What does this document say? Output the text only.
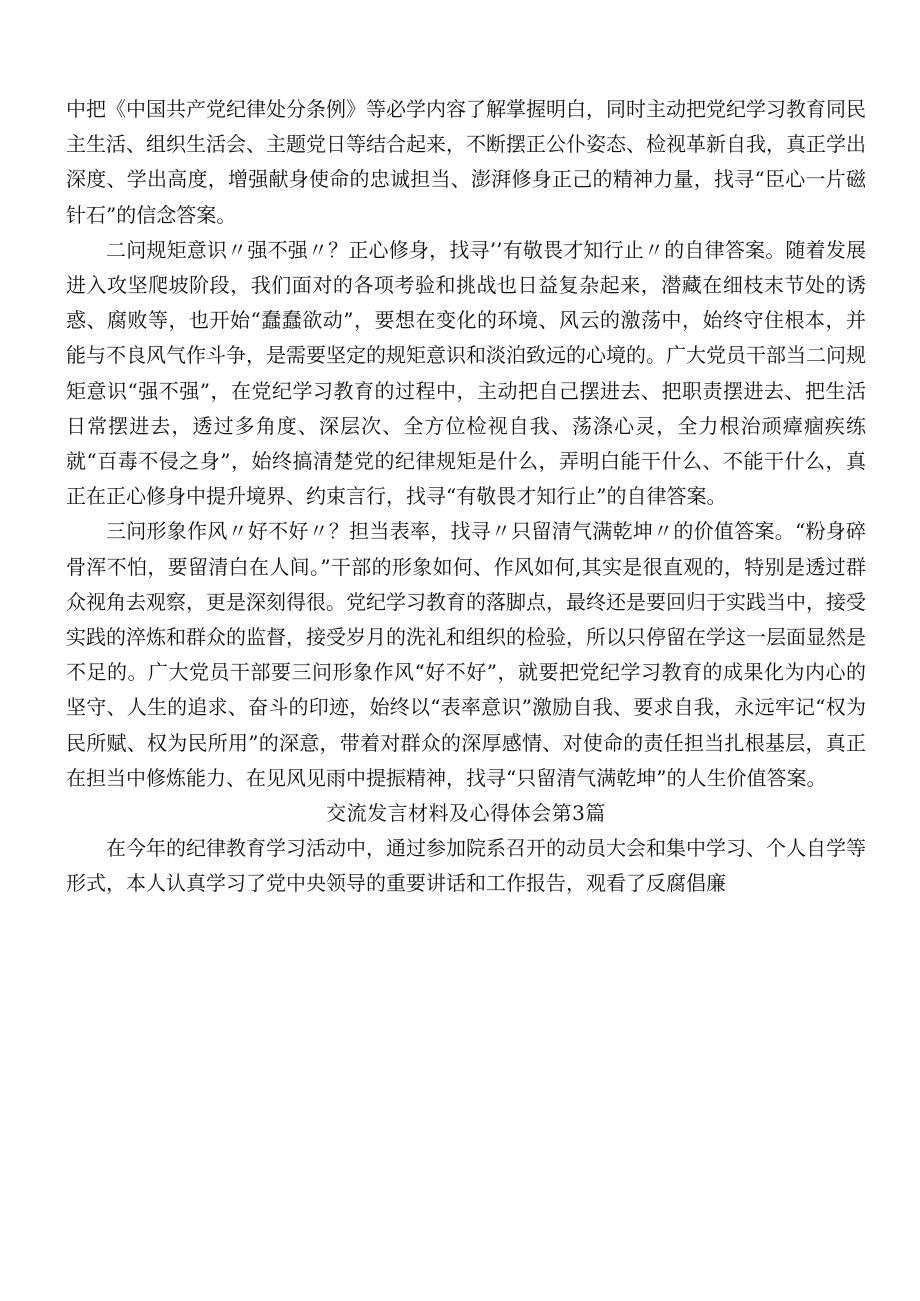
中把《中国共产党纪律处分条例》等必学内容了解掌握明白，同时主动把党纪学习教育同民主生活、组织生活会、主题党日等结合起来，不断摆正公仆姿态、检视革新自我，真正学出深度、学出高度，增强献身使命的忠诚担当、澎湃修身正己的精神力量，找寻“臣心一片磁针石”的信念答案。

二问规矩意识〃强不强〃？正心修身，找寻’’有敬畏才知行止〃的自律答案。随着发展进入攻坚爬坡阶段，我们面对的各项考验和挑战也日益复杂起来，潜藏在细枝末节处的诱惑、腐败等，也开始“蠢蠢欲动”，要想在变化的环境、风云的激荡中，始终守住根本，并能与不良风气作斗争，是需要坚定的规矩意识和淡泊致远的心境的。广大党员干部当二问规矩意识“强不强”，在党纪学习教育的过程中，主动把自己摆进去、把职责摆进去、把生活日常摆进去，透过多角度、深层次、全方位检视自我、荡涤心灵，全力根治顽瘴痼疾练就“百毒不侵之身”，始终搞清楚党的纪律规矩是什么，弄明白能干什么、不能干什么，真正在正心修身中提升境界、约束言行，找寻“有敬畏才知行止”的自律答案。

三问形象作风〃好不好〃？担当表率，找寻〃只留清气满乾坤〃的价值答案。“粉身碎骨浑不怕，要留清白在人间。”干部的形象如何、作风如何,其实是很直观的，特别是透过群众视角去观察，更是深刻得很。党纪学习教育的落脚点，最终还是要回归于实践当中，接受实践的淬炼和群众的监督，接受岁月的洗礼和组织的检验，所以只停留在学这一层面显然是不足的。广大党员干部要三问形象作风“好不好”，就要把党纪学习教育的成果化为内心的坚守、人生的追求、奋斗的印迹，始终以“表率意识”激励自我、要求自我，永远牢记“权为民所赋、权为民所用”的深意，带着对群众的深厚感情、对使命的责任担当扎根基层，真正在担当中修炼能力、在见风见雨中提振精神，找寻“只留清气满乾坤”的人生价值答案。

交流发言材料及心得体会第3篇

在今年的纪律教育学习活动中，通过参加院系召开的动员大会和集中学习、个人自学等形式，本人认真学习了党中央领导的重要讲话和工作报告，观看了反腐倡廉
